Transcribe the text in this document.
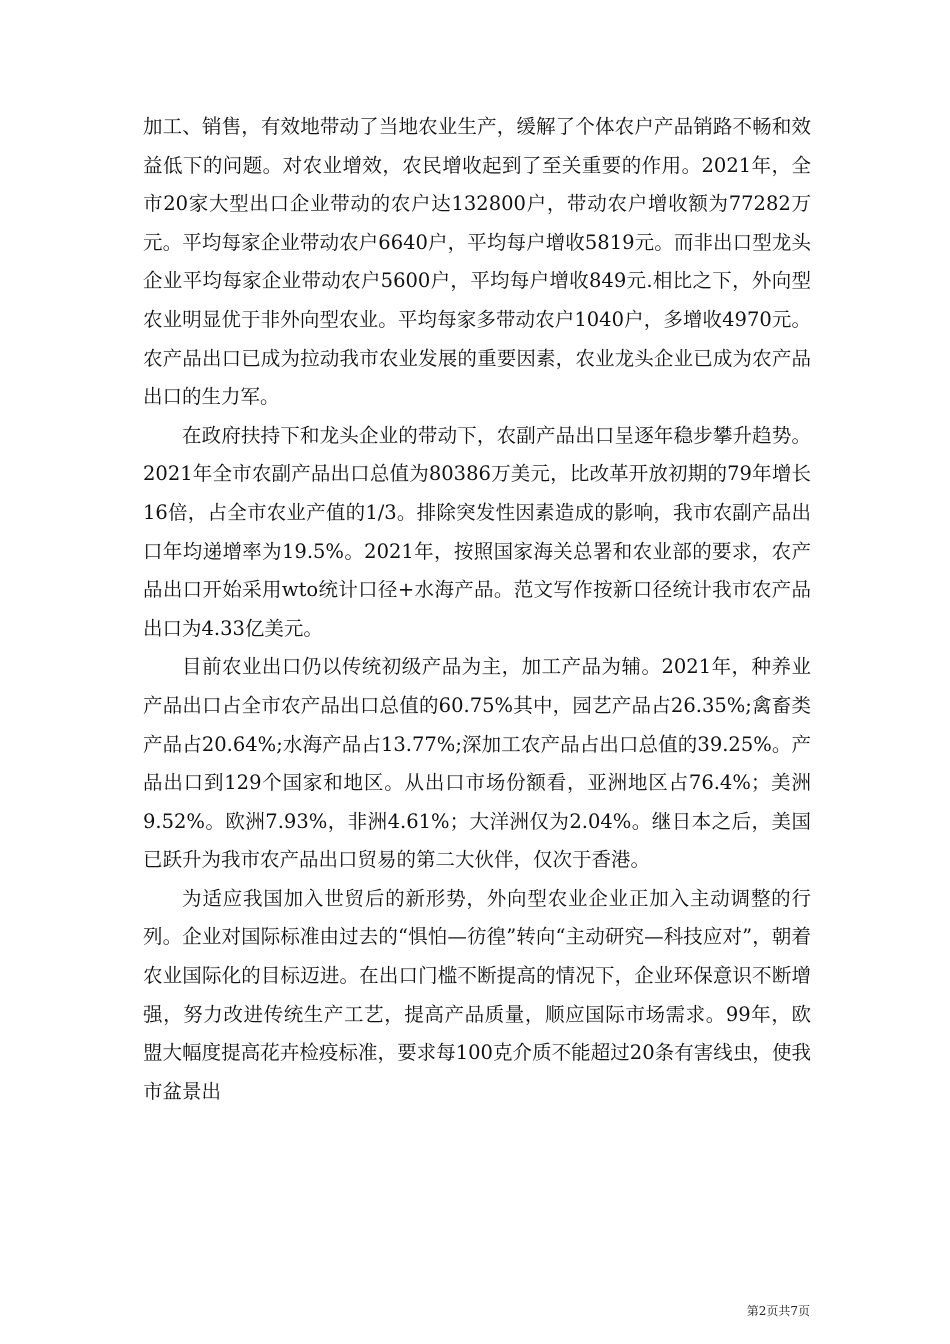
加工、销售，有效地带动了当地农业生产，缓解了个体农户产品销路不畅和效益低下的问题。对农业增效，农民增收起到了至关重要的作用。2021年，全市20家大型出口企业带动的农户达132800户，带动农户增收额为77282万元。平均每家企业带动农户6640户，平均每户增收5819元。而非出口型龙头企业平均每家企业带动农户5600户，平均每户增收849元.相比之下，外向型农业明显优于非外向型农业。平均每家多带动农户1040户，多增收4970元。农产品出口已成为拉动我市农业发展的重要因素，农业龙头企业已成为农产品出口的生力军。

在政府扶持下和龙头企业的带动下，农副产品出口呈逐年稳步攀升趋势。2021年全市农副产品出口总值为80386万美元，比改革开放初期的79年增长16倍，占全市农业产值的1/3。排除突发性因素造成的影响，我市农副产品出口年均递增率为19.5%。2021年，按照国家海关总署和农业部的要求，农产品出口开始采用wto统计口径+水海产品。范文写作按新口径统计我市农产品出口为4.33亿美元。

目前农业出口仍以传统初级产品为主，加工产品为辅。2021年，种养业产品出口占全市农产品出口总值的60.75%其中，园艺产品占26.35%;禽畜类产品占20.64%;水海产品占13.77%;深加工农产品占出口总值的39.25%。产品出口到129个国家和地区。从出口市场份额看，亚洲地区占76.4%；美洲9.52%。欧洲7.93%，非洲4.61%；大洋洲仅为2.04%。继日本之后，美国已跃升为我市农产品出口贸易的第二大伙伴，仅次于香港。

为适应我国加入世贸后的新形势，外向型农业企业正加入主动调整的行列。企业对国际标准由过去的“惧怕—彷徨”转向“主动研究—科技应对”，朝着农业国际化的目标迈进。在出口门槛不断提高的情况下，企业环保意识不断增强，努力改进传统生产工艺，提高产品质量，顺应国际市场需求。99年，欧盟大幅度提高花卉检疫标准，要求每100克介质不能超过20条有害线虫，使我市盆景出

第2页共7页
